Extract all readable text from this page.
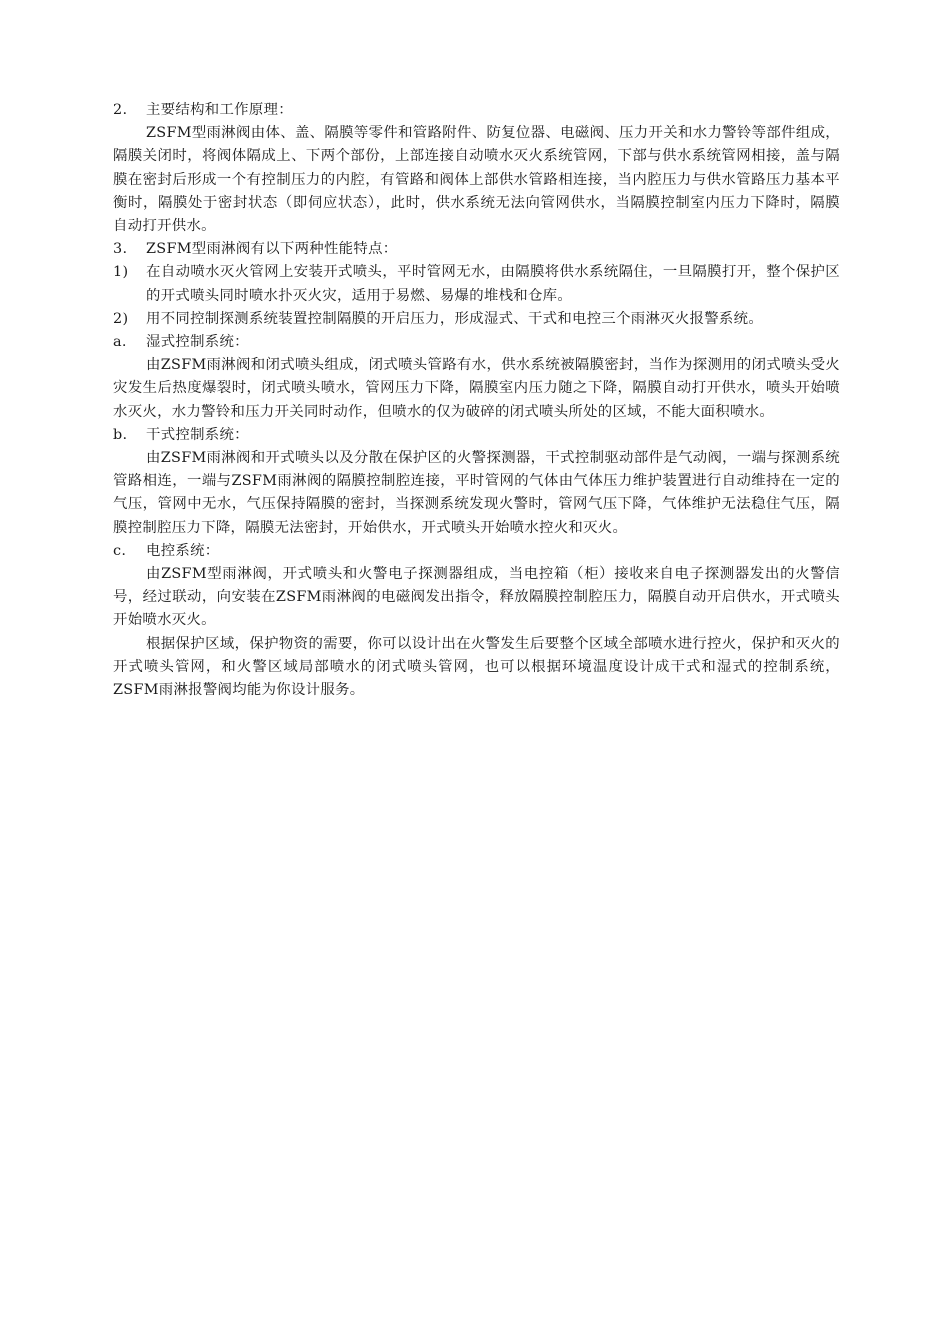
2.	主要结构和工作原理：

ZSFM型雨淋阀由体、盖、隔膜等零件和管路附件、防复位器、电磁阀、压力开关和水力警铃等部件组成，隔膜关闭时，将阀体隔成上、下两个部份，上部连接自动喷水灭火系统管网，下部与供水系统管网相接，盖与隔膜在密封后形成一个有控制压力的内腔，有管路和阀体上部供水管路相连接，当内腔压力与供水管路压力基本平衡时，隔膜处于密封状态（即伺应状态），此时，供水系统无法向管网供水，当隔膜控制室内压力下降时，隔膜自动打开供水。

3.	ZSFM型雨淋阀有以下两种性能特点：

1) 在自动喷水灭火管网上安装开式喷头，平时管网无水，由隔膜将供水系统隔住，一旦隔膜打开，整个保护区的开式喷头同时喷水扑灭火灾，适用于易燃、易爆的堆栈和仓库。

2)	用不同控制探测系统装置控制隔膜的开启压力，形成湿式、干式和电控三个雨淋灭火报警系统。
a.	湿式控制系统：

由ZSFM雨淋阀和闭式喷头组成，闭式喷头管路有水，供水系统被隔膜密封，当作为探测用的闭式喷头受火灾发生后热度爆裂时，闭式喷头喷水，管网压力下降，隔膜室内压力随之下降，隔膜自动打开供水，喷头开始喷水灭火，水力警铃和压力开关同时动作，但喷水的仅为破碎的闭式喷头所处的区域，不能大面积喷水。

b.	干式控制系统：

由ZSFM雨淋阀和开式喷头以及分散在保护区的火警探测器，干式控制驱动部件是气动阀，一端与探测系统管路相连，一端与ZSFM雨淋阀的隔膜控制腔连接，平时管网的气体由气体压力维护装置进行自动维持在一定的气压，管网中无水，气压保持隔膜的密封，当探测系统发现火警时，管网气压下降，气体维护无法稳住气压，隔膜控制腔压力下降，隔膜无法密封，开始供水，开式喷头开始喷水控火和灭火。

c.	电控系统：

由ZSFM型雨淋阀，开式喷头和火警电子探测器组成，当电控箱（柜）接收来自电子探测器发出的火警信号，经过联动，向安装在ZSFM雨淋阀的电磁阀发出指令，释放隔膜控制腔压力，隔膜自动开启供水，开式喷头开始喷水灭火。

根据保护区域，保护物资的需要，你可以设计出在火警发生后要整个区域全部喷水进行控火，保护和灭火的开式喷头管网，和火警区域局部喷水的闭式喷头管网，也可以根据环境温度设计成干式和湿式的控制系统，ZSFM雨淋报警阀均能为你设计服务。
